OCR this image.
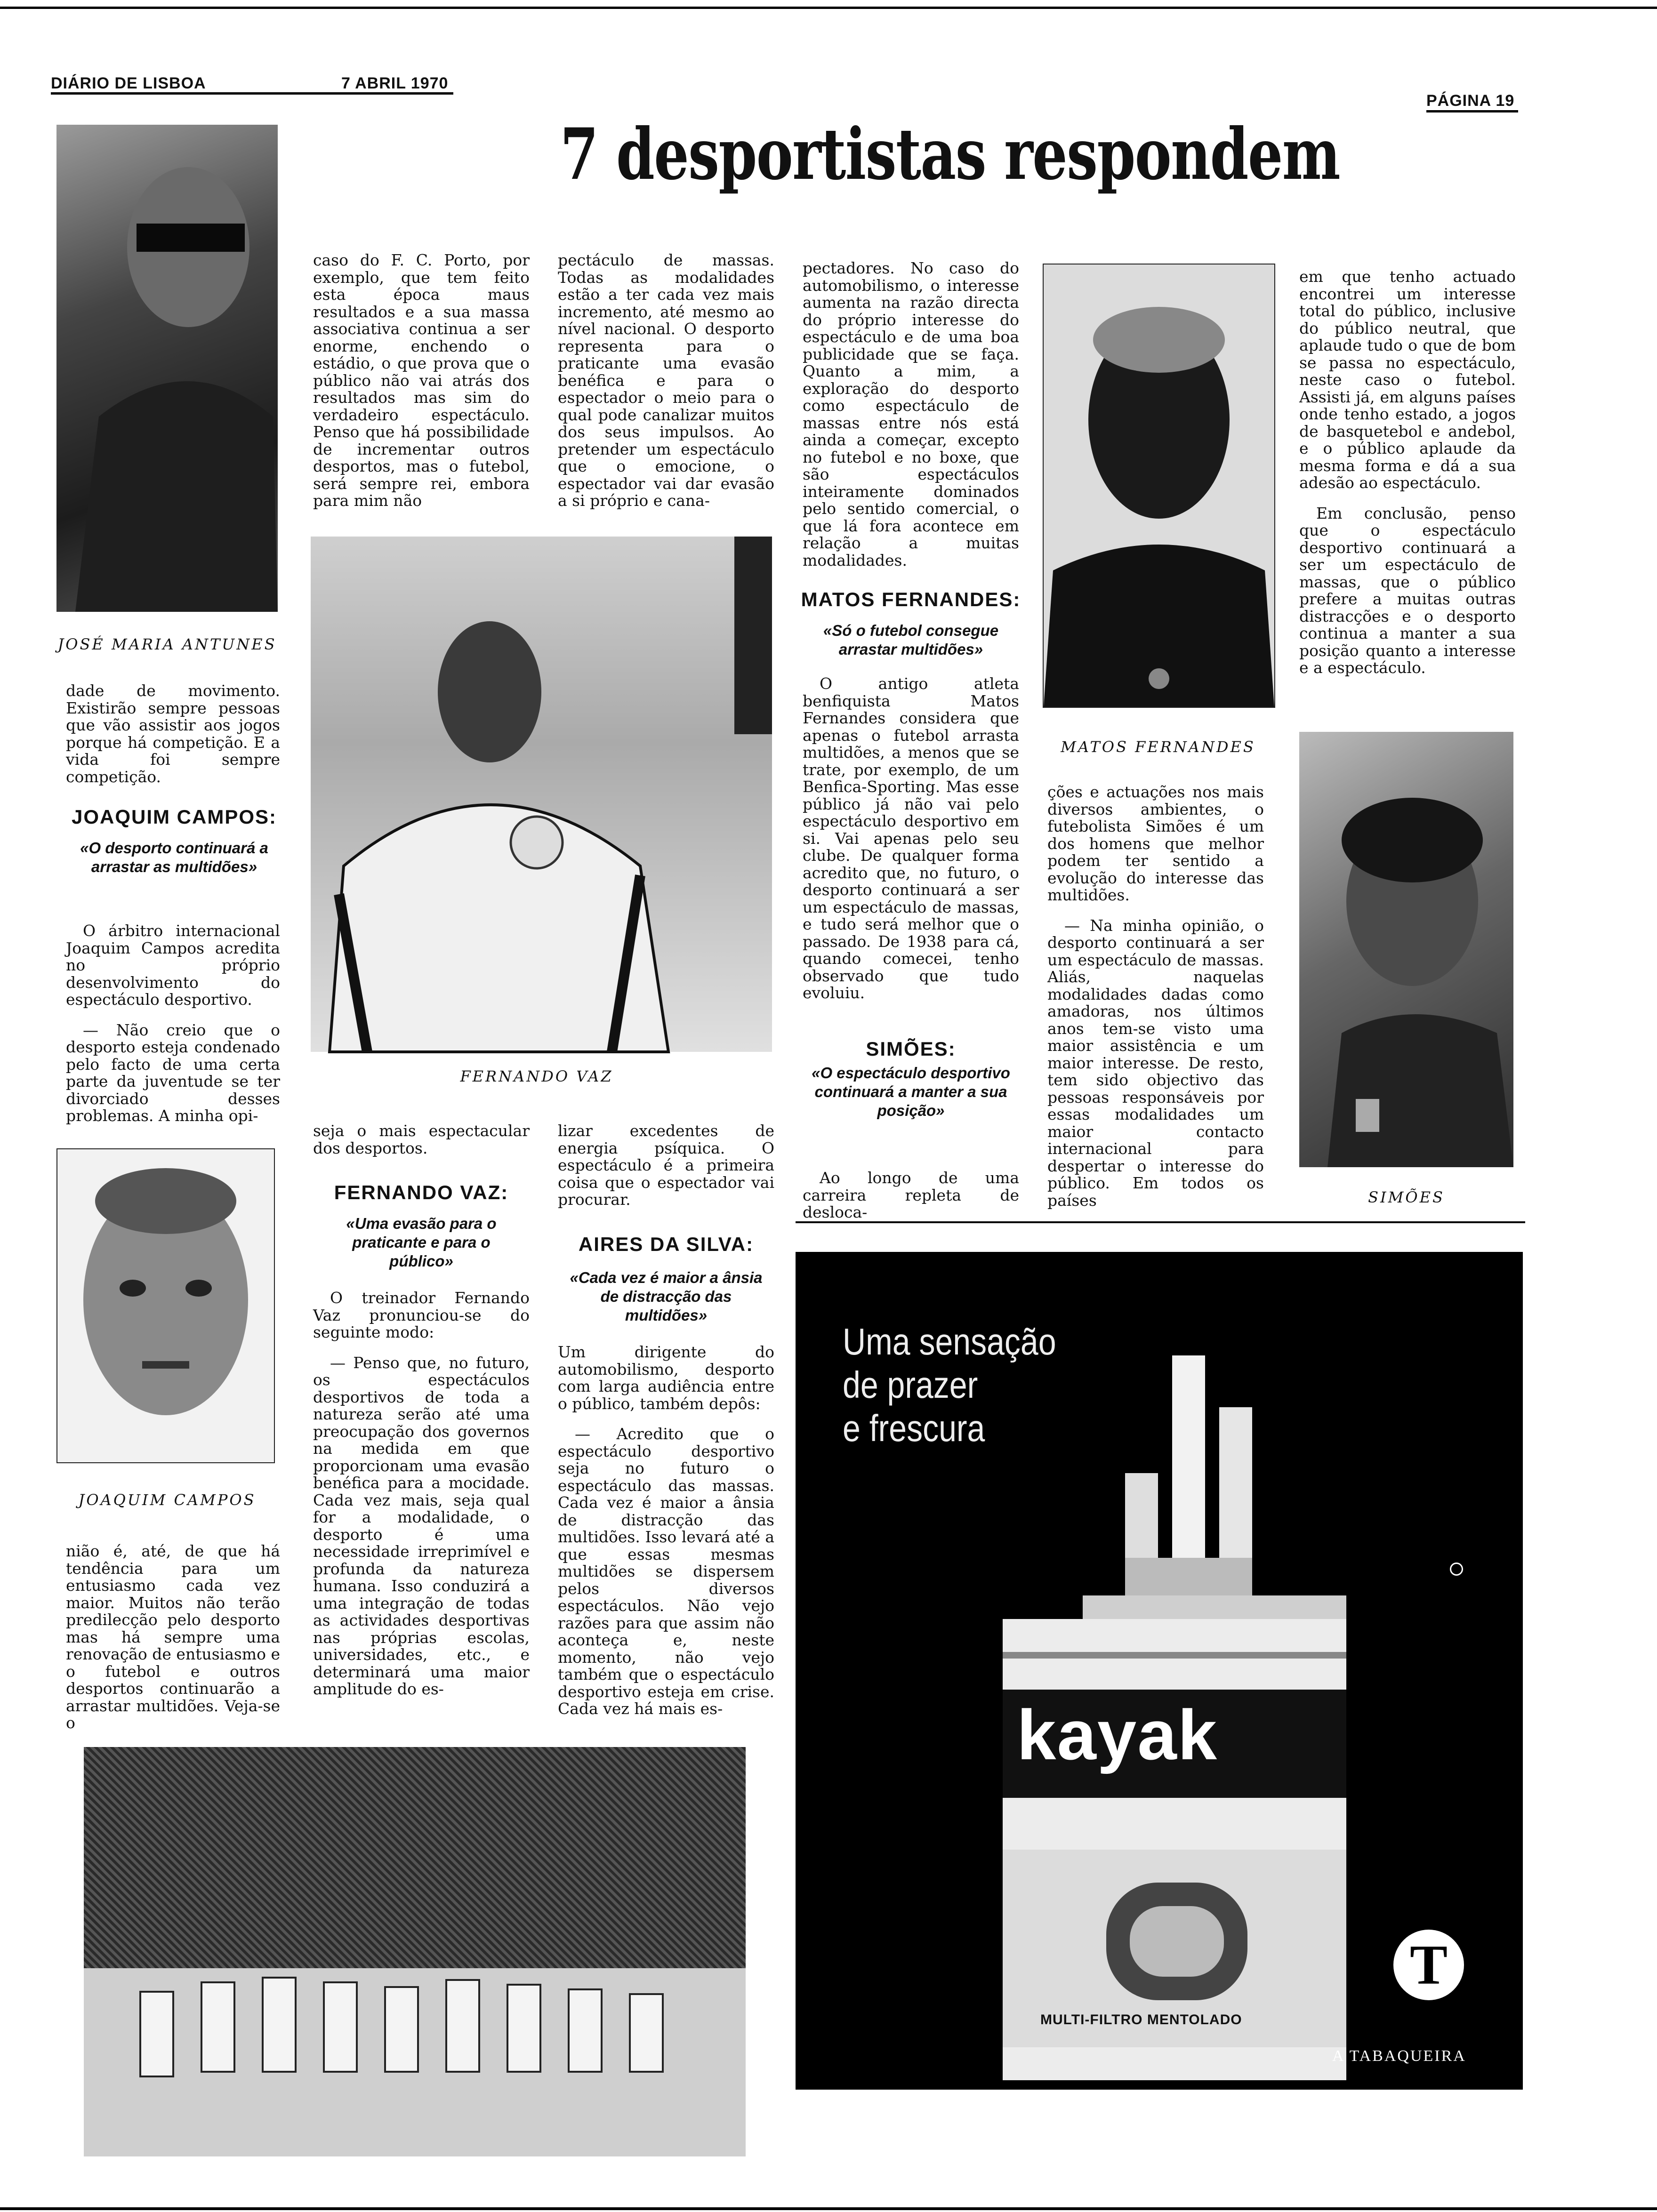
DIÁRIO DE LISBOA	7 ABRIL 1970
PÁGINA 19
7 desportistas respondem
JOSÉ MARIA ANTUNES

dade de movimento. Existirão sempre pessoas que vão assistir aos jogos porque há competição. E a vida foi sempre competição.

JOAQUIM CAMPOS:
«O desporto continuará a arrastar as multidões»

O árbitro internacional Joaquim Campos acredita no próprio desenvolvimento do espectáculo desportivo.

— Não creio que o desporto esteja condenado pelo facto de uma certa parte da juventude se ter divorciado desses problemas. A minha opi-

JOAQUIM CAMPOS

nião é, até, de que há tendência para um entusiasmo cada vez maior. Muitos não terão predilecção pelo desporto mas há sempre uma renovação de entusiasmo e o futebol e outros desportos continuarão a arrastar multidões. Veja-se o

caso do F. C. Porto, por exemplo, que tem feito esta época maus resultados e a sua massa associativa continua a ser enorme, enchendo o estádio, o que prova que o público não vai atrás dos resultados mas sim do verdadeiro espectáculo. Penso que há possibilidade de incrementar outros desportos, mas o futebol, será sempre rei, embora para mim não

pectáculo de massas. Todas as modalidades estão a ter cada vez mais incremento, até mesmo ao nível nacional. O desporto representa para o praticante uma evasão benéfica e para o espectador o meio para o qual pode canalizar muitos dos seus impulsos. Ao pretender um espectáculo que o emocione, o espectador vai dar evasão a si próprio e cana-

FERNANDO VAZ

seja o mais espectacular dos desportos.

FERNANDO VAZ:
«Uma evasão para o praticante e para o público»

O treinador Fernando Vaz pronunciou-se do seguinte modo:

— Penso que, no futuro, os espectáculos desportivos de toda a natureza serão até uma preocupação dos governos na medida em que proporcionam uma evasão benéfica para a mocidade. Cada vez mais, seja qual for a modalidade, o desporto é uma necessidade irreprimível e profunda da natureza humana. Isso conduzirá a uma integração de todas as actividades desportivas nas próprias escolas, universidades, etc., e determinará uma maior amplitude do es-

lizar excedentes de energia psíquica. O espectáculo é a primeira coisa que o espectador vai procurar.

AIRES DA SILVA:
«Cada vez é maior a ânsia de distracção das multidões»

Um dirigente do automobilismo, desporto com larga audiência entre o público, também depôs:

— Acredito que o espectáculo desportivo seja no futuro o espectáculo das massas. Cada vez é maior a ânsia de distracção das multidões. Isso levará até a que essas mesmas multidões se dispersem pelos diversos espectáculos. Não vejo razões para que assim não aconteça e, neste momento, não vejo também que o espectáculo desportivo esteja em crise. Cada vez há mais es-

pectadores. No caso do automobilismo, o interesse aumenta na razão directa do próprio interesse do espectáculo e de uma boa publicidade que se faça. Quanto a mim, a exploração do desporto como espectáculo de massas entre nós está ainda a começar, excepto no futebol e no boxe, que são espectáculos inteiramente dominados pelo sentido comercial, o que lá fora acontece em relação a muitas modalidades.

MATOS FERNANDES:
«Só o futebol consegue arrastar multidões»

O antigo atleta benfiquista Matos Fernandes considera que apenas o futebol arrasta multidões, a menos que se trate, por exemplo, de um Benfica-Sporting. Mas esse público já não vai pelo espectáculo desportivo em si. Vai apenas pelo seu clube. De qualquer forma acredito que, no futuro, o desporto continuará a ser um espectáculo de massas, e tudo será melhor que o passado. De 1938 para cá, quando comecei, tenho observado que tudo evoluiu.

SIMÕES:
«O espectáculo desportivo continuará a manter a sua posição»

Ao longo de uma carreira repleta de desloca-

MATOS FERNANDES

ções e actuações nos mais diversos ambientes, o futebolista Simões é um dos homens que melhor podem ter sentido a evolução do interesse das multidões.

— Na minha opinião, o desporto continuará a ser um espectáculo de massas. Aliás, naquelas modalidades dadas como amadoras, nos últimos anos tem-se visto uma maior assistência e um maior interesse. De resto, tem sido objectivo das pessoas responsáveis por essas modalidades um maior contacto internacional para despertar o interesse do público. Em todos os países

em que tenho actuado encontrei um interesse total do público, inclusive do público neutral, que aplaude tudo o que de bom se passa no espectáculo, neste caso o futebol. Assisti já, em alguns países onde tenho estado, a jogos de basquetebol e andebol, e o público aplaude da mesma forma e dá a sua adesão ao espectáculo.

Em conclusão, penso que o espectáculo desportivo continuará a ser um espectáculo de massas, que o público prefere a muitas outras distracções e o desporto continua a manter a sua posição quanto a interesse e a espectáculo.

SIMÕES
Uma sensação
de prazer
e frescura
kayak
MULTI-FILTRO MENTOLADO
T
A TABAQUEIRA
